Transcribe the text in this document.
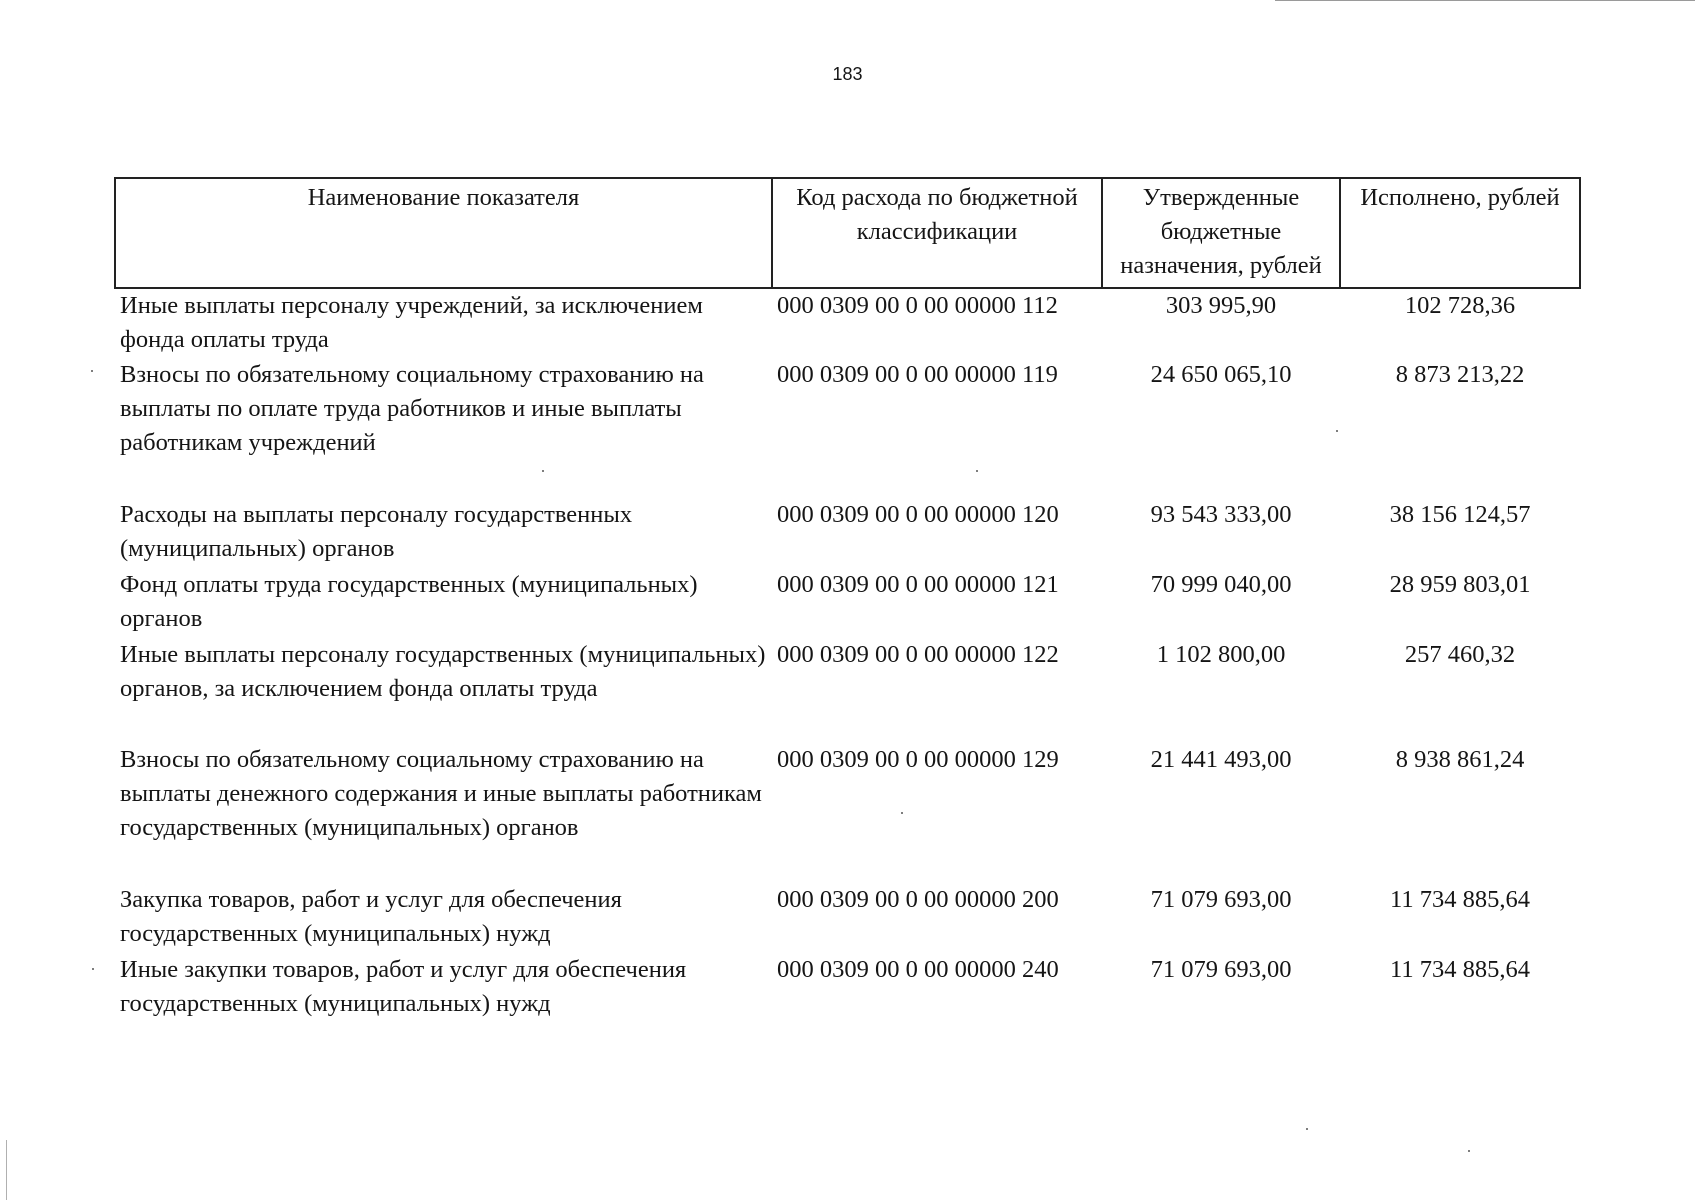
183
Наименование показателя	Код расхода по бюджетной классификации	Утвержденные бюджетные назначения, рублей	Исполнено, рублей
Иные выплаты персоналу учреждений, за исключением фонда оплаты труда	000 0309 00 0 00 00000 112	303 995,90	102 728,36
Взносы по обязательному социальному страхованию на выплаты по оплате труда работников и иные выплаты работникам учреждений	000 0309 00 0 00 00000 119	24 650 065,10	8 873 213,22
Расходы на выплаты персоналу государственных (муниципальных) органов	000 0309 00 0 00 00000 120	93 543 333,00	38 156 124,57
Фонд оплаты труда государственных (муниципальных) органов	000 0309 00 0 00 00000 121	70 999 040,00	28 959 803,01
Иные выплаты персоналу государственных (муниципальных) органов, за исключением фонда оплаты труда	000 0309 00 0 00 00000 122	1 102 800,00	257 460,32
Взносы по обязательному социальному страхованию на выплаты денежного содержания и иные выплаты работникам государственных (муниципальных) органов	000 0309 00 0 00 00000 129	21 441 493,00	8 938 861,24
Закупка товаров, работ и услуг для обеспечения государственных (муниципальных) нужд	000 0309 00 0 00 00000 200	71 079 693,00	11 734 885,64
Иные закупки товаров, работ и услуг для обеспечения государственных (муниципальных) нужд	000 0309 00 0 00 00000 240	71 079 693,00	11 734 885,64
